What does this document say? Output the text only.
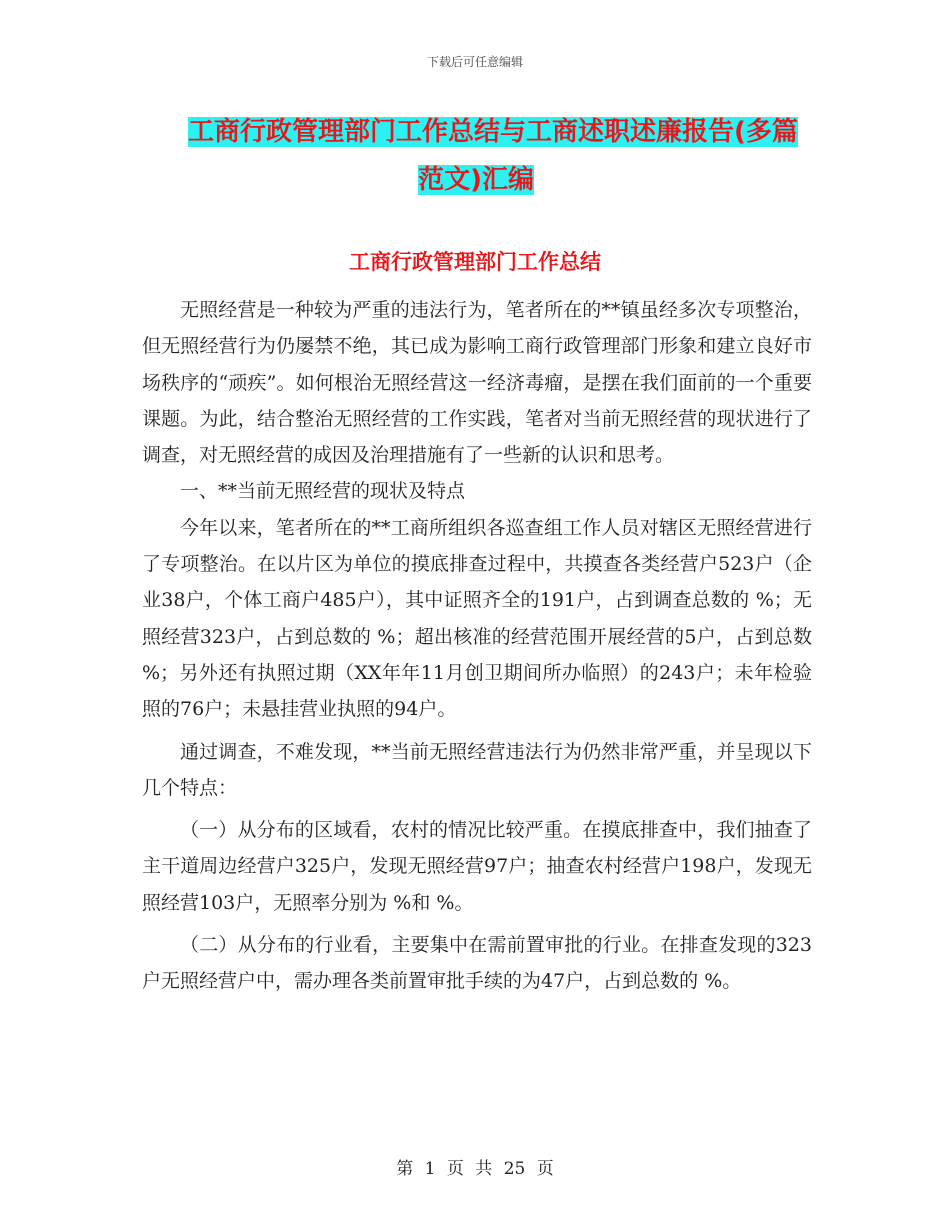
下载后可任意编辑
工商行政管理部门工作总结与工商述职述廉报告(多篇
范文)汇编
工商行政管理部门工作总结

无照经营是一种较为严重的违法行为，笔者所在的**镇虽经多次专项整治，但无照经营行为仍屡禁不绝，其已成为影响工商行政管理部门形象和建立良好市场秩序的“顽疾”。如何根治无照经营这一经济毒瘤，是摆在我们面前的一个重要课题。为此，结合整治无照经营的工作实践，笔者对当前无照经营的现状进行了调查，对无照经营的成因及治理措施有了一些新的认识和思考。

一、**当前无照经营的现状及特点

今年以来，笔者所在的**工商所组织各巡查组工作人员对辖区无照经营进行了专项整治。在以片区为单位的摸底排查过程中，共摸查各类经营户523户（企业38户，个体工商户485户），其中证照齐全的191户，占到调查总数的 %；无照经营323户，占到总数的 %；超出核准的经营范围开展经营的5户，占到总数 %；另外还有执照过期（XX年年11月创卫期间所办临照）的243户；未年检验照的76户；未悬挂营业执照的94户。

通过调查，不难发现，**当前无照经营违法行为仍然非常严重，并呈现以下几个特点：

（一）从分布的区域看，农村的情况比较严重。在摸底排查中，我们抽查了主干道周边经营户325户，发现无照经营97户；抽查农村经营户198户，发现无照经营103户，无照率分别为 %和 %。

（二）从分布的行业看，主要集中在需前置审批的行业。在排查发现的323户无照经营户中，需办理各类前置审批手续的为47户，占到总数的 %。

第 1 页 共 25 页
